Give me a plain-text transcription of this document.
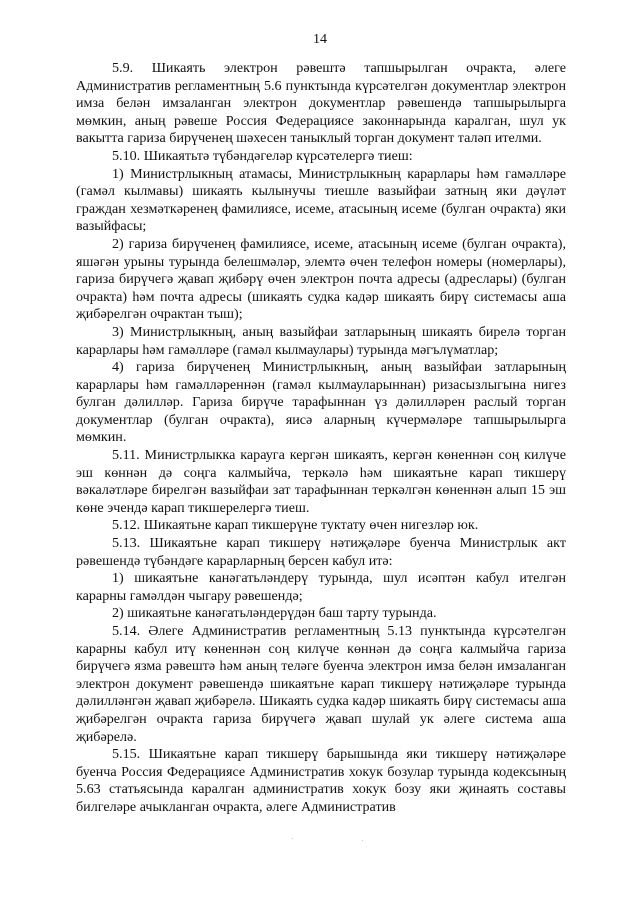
14

5.9. Шикаять электрон рәвештә тапшырылган очракта, әлеге Административ регламентның 5.6 пунктында күрсәтелгән документлар электрон имза белән имзаланган электрон документлар рәвешендә тапшырылырга мөмкин, аның рәвеше Россия Федерациясе законнарында каралган, шул ук вакытта гариза бирүченең шәхесен таныклый торган документ таләп ителми.

5.10. Шикаятьтә түбәндәгеләр күрсәтелергә тиеш:

1) Министрлыкның атамасы, Министрлыкның карарлары һәм гамәлләре (гамәл кылмавы) шикаять кылынучы тиешле вазыйфаи затның яки дәүләт граждан хезмәткәренең фамилиясе, исеме, атасының исеме (булган очракта) яки вазыйфасы;

2) гариза бирүченең фамилиясе, исеме, атасының исеме (булган очракта), яшәгән урыны турында белешмәләр, элемтә өчен телефон номеры (номерлары), гариза бирүчегә җавап җибәрү өчен электрон почта адресы (адреслары) (булган очракта) һәм почта адресы (шикаять судка кадәр шикаять бирү системасы аша җибәрелгән очрактан тыш);

3) Министрлыкның, аның вазыйфаи затларының шикаять бирелә торган карарлары һәм гамәлләре (гамәл кылмаулары) турында мәгълүматлар;

4) гариза бирүченең Министрлыкның, аның вазыйфаи затларының карарлары һәм гамәлләреннән (гамәл кылмауларыннан) ризасызлыгына нигез булган дәлилләр. Гариза бирүче тарафыннан үз дәлилләрен раслый торган документлар (булган очракта), яисә аларның күчермәләре тапшырылырга мөмкин.

5.11. Министрлыкка карауга кергән шикаять, кергән көненнән соң килүче эш көннән дә соңга калмыйча, теркәлә һәм шикаятьне карап тикшерү вәкаләтләре бирелгән вазыйфаи зат тарафыннан теркәлгән көненнән алып 15 эш көне эчендә карап тикшерелергә тиеш.

5.12. Шикаятьне карап тикшерүне туктату өчен нигезләр юк.

5.13. Шикаятьне карап тикшерү нәтиҗәләре буенча Министрлык акт рәвешендә түбәндәге карарларның берсен кабул итә:

1) шикаятьне канәгатьләндерү турында, шул исәптән кабул ителгән карарны гамәлдән чыгару рәвешендә;

2) шикаятьне канәгатьләндерүдән баш тарту турында.

5.14. Әлеге Административ регламентның 5.13 пунктында күрсәтелгән карарны кабул итү көненнән соң килүче көннән дә соңга калмыйча гариза бирүчегә язма рәвештә һәм аның теләге буенча электрон имза белән имзаланган электрон документ рәвешендә шикаятьне карап тикшерү нәтиҗәләре турында дәлилләнгән җавап җибәрелә. Шикаять судка кадәр шикаять бирү системасы аша җибәрелгән очракта гариза бирүчегә җавап шулай ук әлеге система аша җибәрелә.

5.15. Шикаятьне карап тикшерү барышында яки тикшерү нәтиҗәләре буенча Россия Федерациясе Административ хокук бозулар турында кодексының 5.63 статьясында каралган административ хокук бозу яки җинаять составы билгеләре ачыкланган очракта, әлеге Административ
